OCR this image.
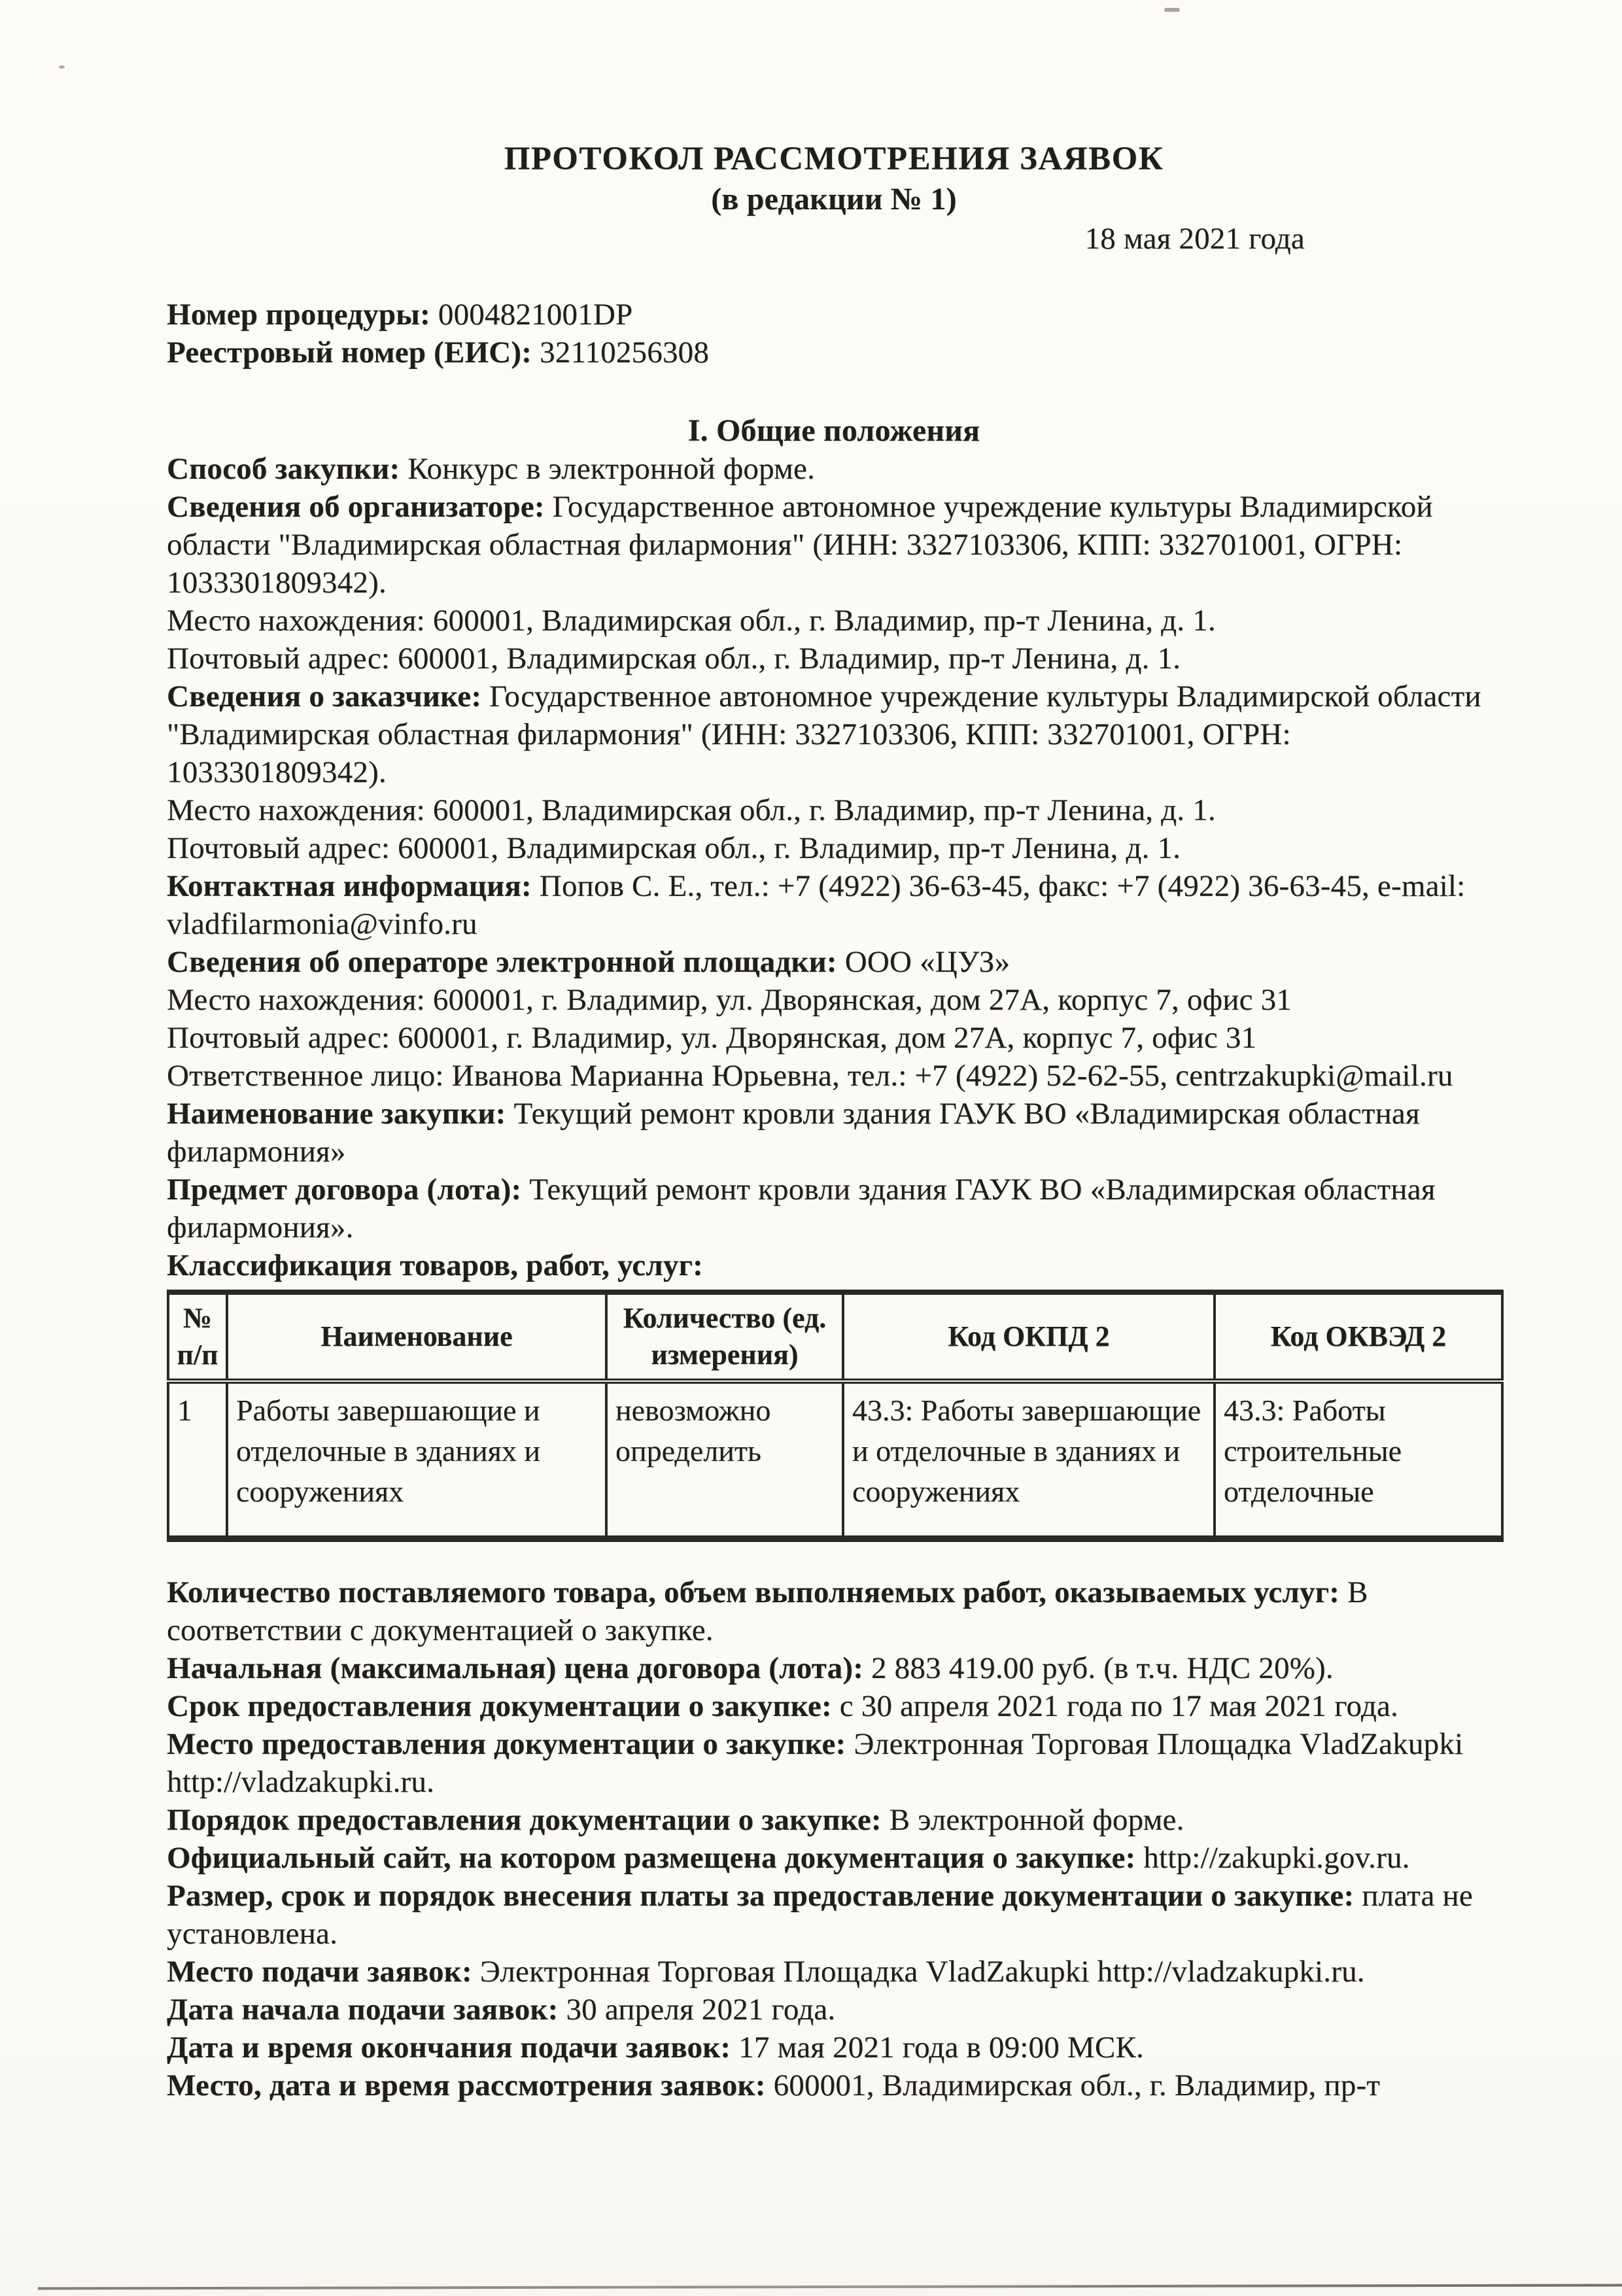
ПРОТОКОЛ РАССМОТРЕНИЯ ЗАЯВОК

(в редакции № 1)

18 мая 2021 года

Номер процедуры: 0004821001DP

Реестровый номер (ЕИС): 32110256308

I. Общие положения

Способ закупки: Конкурс в электронной форме.

Сведения об организаторе: Государственное автономное учреждение культуры Владимирской области "Владимирская областная филармония" (ИНН: 3327103306, КПП: 332701001, ОГРН: 1033301809342).

Место нахождения: 600001, Владимирская обл., г. Владимир, пр-т Ленина, д. 1.

Почтовый адрес: 600001, Владимирская обл., г. Владимир, пр-т Ленина, д. 1.

Сведения о заказчике: Государственное автономное учреждение культуры Владимирской области "Владимирская областная филармония" (ИНН: 3327103306, КПП: 332701001, ОГРН: 1033301809342).

Место нахождения: 600001, Владимирская обл., г. Владимир, пр-т Ленина, д. 1.

Почтовый адрес: 600001, Владимирская обл., г. Владимир, пр-т Ленина, д. 1.

Контактная информация: Попов С. Е., тел.: +7 (4922) 36-63-45, факс: +7 (4922) 36-63-45, e-mail: vladfilarmonia@vinfo.ru

Сведения об операторе электронной площадки: ООО «ЦУЗ»

Место нахождения: 600001, г. Владимир, ул. Дворянская, дом 27А, корпус 7, офис 31

Почтовый адрес: 600001, г. Владимир, ул. Дворянская, дом 27А, корпус 7, офис 31

Ответственное лицо: Иванова Марианна Юрьевна, тел.: +7 (4922) 52-62-55, centrzakupki@mail.ru

Наименование закупки: Текущий ремонт кровли здания ГАУК ВО «Владимирская областная филармония»

Предмет договора (лота): Текущий ремонт кровли здания ГАУК ВО «Владимирская областная филармония».

Классификация товаров, работ, услуг:

№ п/п	Наименование	Количество (ед. измерения)	Код ОКПД 2	Код ОКВЭД 2
1	Работы завершающие и отделочные в зданиях и сооружениях	невозможно определить	43.3: Работы завершающие и отделочные в зданиях и сооружениях	43.3: Работы строительные отделочные

Количество поставляемого товара, объем выполняемых работ, оказываемых услуг: В соответствии с документацией о закупке.

Начальная (максимальная) цена договора (лота): 2 883 419.00 руб. (в т.ч. НДС 20%).

Срок предоставления документации о закупке: с 30 апреля 2021 года по 17 мая 2021 года.

Место предоставления документации о закупке: Электронная Торговая Площадка VladZakupki http://vladzakupki.ru.

Порядок предоставления документации о закупке: В электронной форме.

Официальный сайт, на котором размещена документация о закупке: http://zakupki.gov.ru.

Размер, срок и порядок внесения платы за предоставление документации о закупке: плата не установлена.

Место подачи заявок: Электронная Торговая Площадка VladZakupki http://vladzakupki.ru.

Дата начала подачи заявок: 30 апреля 2021 года.

Дата и время окончания подачи заявок: 17 мая 2021 года в 09:00 МСК.

Место, дата и время рассмотрения заявок: 600001, Владимирская обл., г. Владимир, пр-т
